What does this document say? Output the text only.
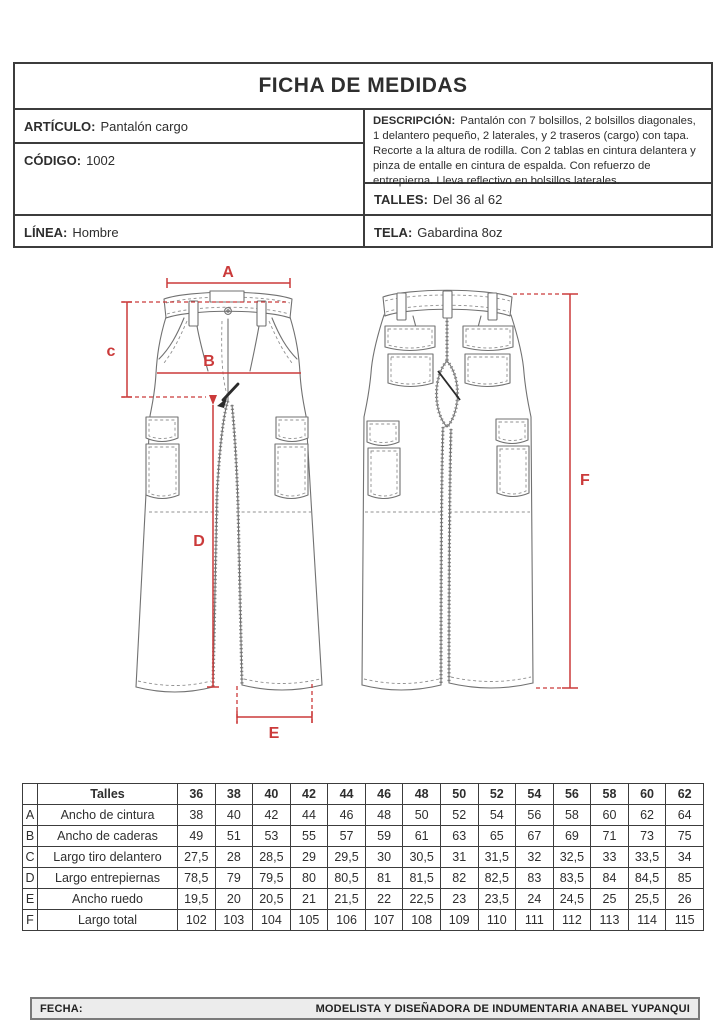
FICHA DE MEDIDAS
ARTÍCULO: Pantalón cargo
CÓDIGO: 1002
LÍNEA: Hombre
DESCRIPCIÓN: Pantalón con 7 bolsillos, 2 bolsillos diagonales, 1 delantero pequeño, 2 laterales, y 2 traseros (cargo) con tapa. Recorte a la altura de rodilla. Con 2 tablas en cintura delantera y pinza de entalle en cintura de espalda. Con refuerzo de entrepierna. Lleva reflectivo en bolsillos laterales.
TALLES: Del 36 al 62
TELA: Gabardina 8oz
A
c
B
D
E
F
	Talles	36	38	40	42	44	46	48	50	52	54	56	58	60	62
A	Ancho de cintura	38	40	42	44	46	48	50	52	54	56	58	60	62	64
B	Ancho de caderas	49	51	53	55	57	59	61	63	65	67	69	71	73	75
C	Largo tiro delantero	27,5	28	28,5	29	29,5	30	30,5	31	31,5	32	32,5	33	33,5	34
D	Largo entrepiernas	78,5	79	79,5	80	80,5	81	81,5	82	82,5	83	83,5	84	84,5	85
E	Ancho ruedo	19,5	20	20,5	21	21,5	22	22,5	23	23,5	24	24,5	25	25,5	26
F	Largo total	102	103	104	105	106	107	108	109	110	111	112	113	114	115
FECHA:	MODELISTA Y DISEÑADORA DE INDUMENTARIA ANABEL YUPANQUI
